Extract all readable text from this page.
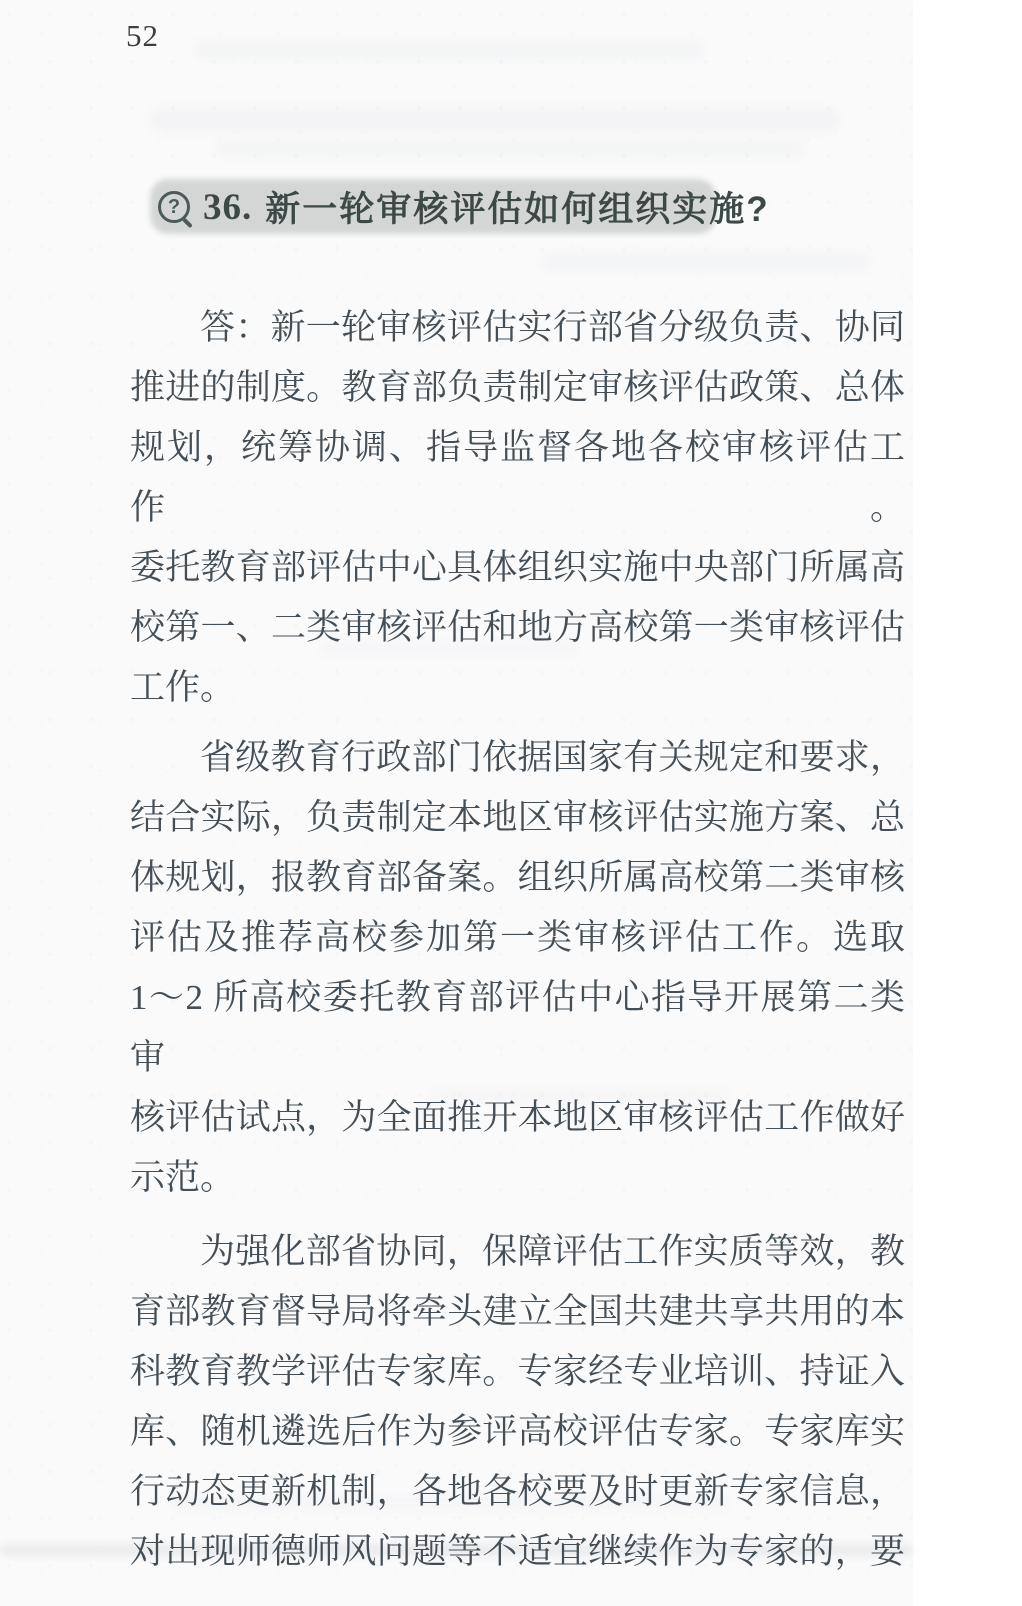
52
? 36. 新一轮审核评估如何组织实施?
答：新一轮审核评估实行部省分级负责、协同
推进的制度。教育部负责制定审核评估政策、总体
规划，统筹协调、指导监督各地各校审核评估工作。
委托教育部评估中心具体组织实施中央部门所属高
校第一、二类审核评估和地方高校第一类审核评估
工作。
省级教育行政部门依据国家有关规定和要求，
结合实际，负责制定本地区审核评估实施方案、总
体规划，报教育部备案。组织所属高校第二类审核
评估及推荐高校参加第一类审核评估工作。选取
1～2 所高校委托教育部评估中心指导开展第二类审
核评估试点，为全面推开本地区审核评估工作做好
示范。
为强化部省协同，保障评估工作实质等效，教
育部教育督导局将牵头建立全国共建共享共用的本
科教育教学评估专家库。专家经专业培训、持证入
库、随机遴选后作为参评高校评估专家。专家库实
行动态更新机制，各地各校要及时更新专家信息，
对出现师德师风问题等不适宜继续作为专家的，要
